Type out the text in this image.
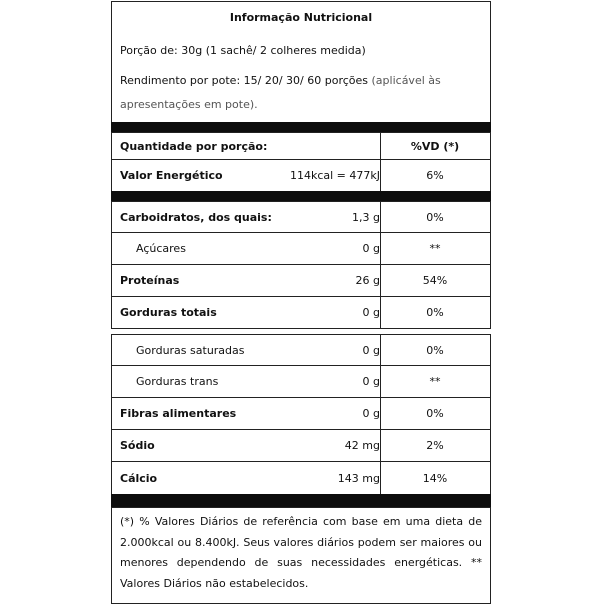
Informação Nutricional
Porção de: 30g (1 sachê/ 2 colheres medida)
Rendimento por pote: 15/ 20/ 30/ 60 porções (aplicável às
apresentações em pote).
Quantidade por porção:	%VD (*)
Valor Energético	114kcal = 477kJ	6%
Carboidratos, dos quais:	1,3 g	0%
Açúcares	0 g	**
Proteínas	26 g	54%
Gorduras totais	0 g	0%
Gorduras saturadas	0 g	0%
Gorduras trans	0 g	**
Fibras alimentares	0 g	0%
Sódio	42 mg	2%
Cálcio	143 mg	14%
(*) % Valores Diários de referência com base em uma dieta de 2.000kcal ou 8.400kJ. Seus valores diários podem ser maiores ou menores dependendo de suas necessidades energéticas. ** Valores Diários não estabelecidos.
